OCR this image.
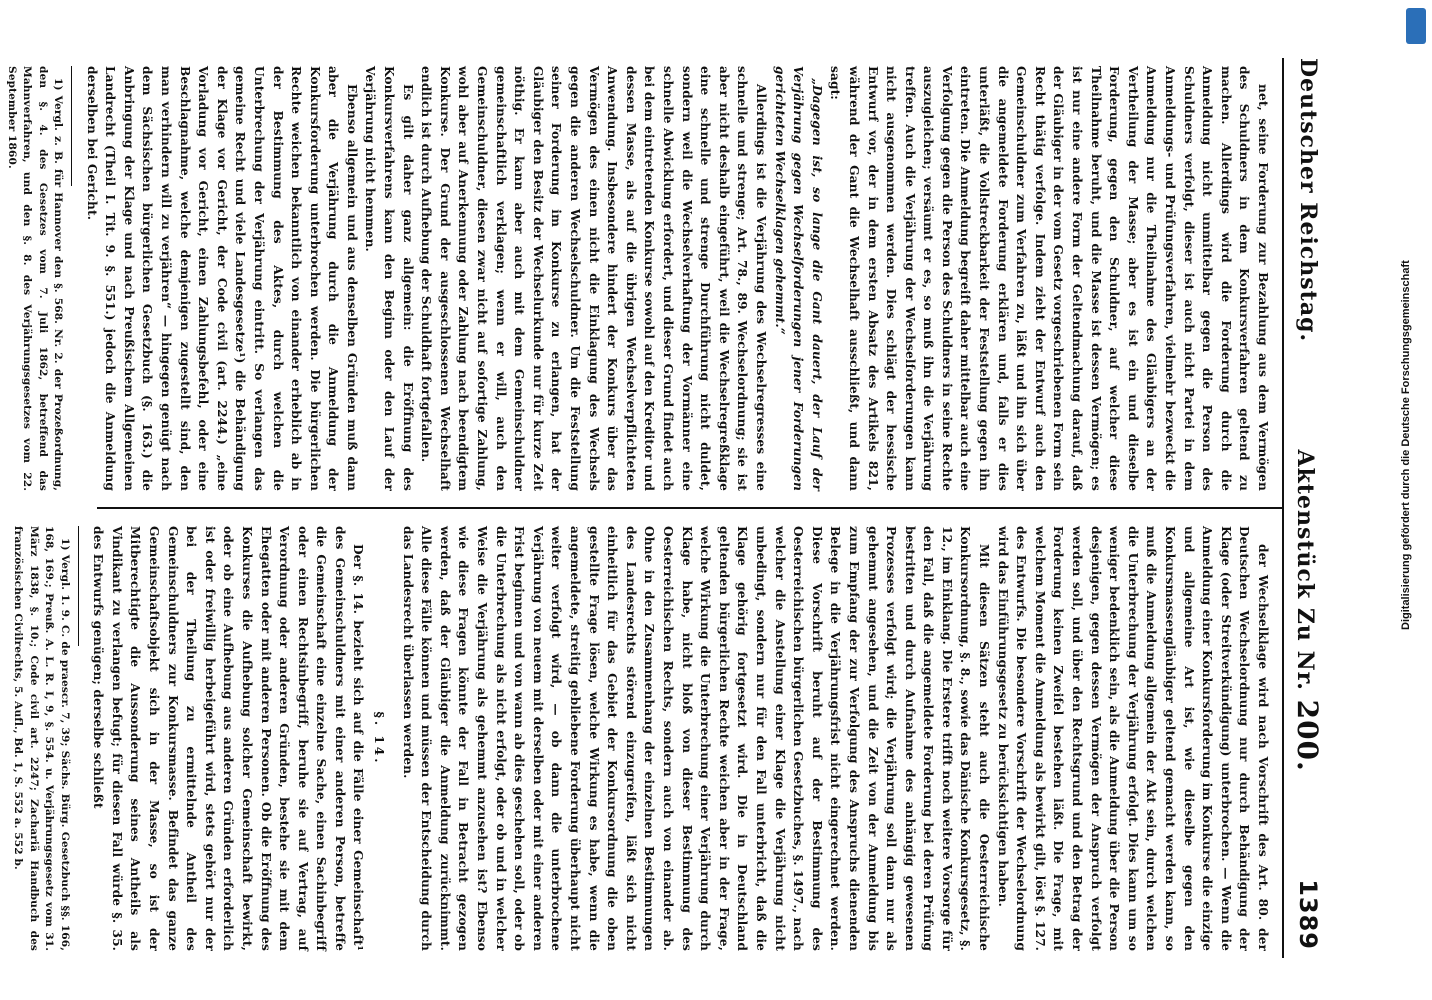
Deutscher Reichstag.
Aktenstück Zu Nr. 200.
1389

net, seine Forderung zur Bezahlung aus dem Vermögen des Schuldners in dem Konkursverfahren geltend zu machen. Allerdings wird die Forderung durch die Anmeldung nicht unmittelbar gegen die Person des Schuldners verfolgt, dieser ist auch nicht Partei in dem Anmeldungs- und Prüfungsverfahren, vielmehr bezweckt die Anmeldung nur die Theilnahme des Gläubigers an der Vertheilung der Masse; aber es ist ein und dieselbe Forderung, gegen den Schuldner, auf welcher diese Theilnahme beruht, und die Masse ist dessen Vermögen; es ist nur eine andere Form der Geltendmachung darauf, daß der Gläubiger in der vom Gesetz vorgeschriebenen Form sein Recht thätig verfolge. Indem zieht der Entwurf auch den Gemeinschuldner zum Verfahren zu, läßt und ihn sich über die angemeldete Forderung erklären und, falls er dies unterläßt, die Vollstreckbarkeit der Feststellung gegen ihn eintreten. Die Anmeldung begreift daher mittelbar auch eine Verfolgung gegen die Person des Schuldners in seine Rechte auszugleichen; versäumt er es, so muß ihn die Verjährung treffen. Auch die Verjährung der Wechselforderungen kann nicht ausgenommen werden. Dies schlägt der hessische Entwurf vor, der in dem ersten Absatz des Artikels 821, während der Gant die Wechselhaft ausschließt, und dann sagt:

„Dagegen ist, so lange die Gant dauert, der Lauf der Verjährung gegen Wechselforderungen jener Forderungen gerichteten Wechselklagen gehemmt.“

Allerdings ist die Verjährung des Wechselregresses eine schnelle und strenge; Art. 78., 89. Wechselordnung; sie ist aber nicht deshalb eingeführt, weil die Wechselregreßklage eine schnelle und strenge Durchführung nicht duldet, sondern weil die Wechselverhaftung der Vormänner eine schnelle Abwicklung erfordert, und dieser Grund findet auch bei dem eintretenden Konkurse sowohl auf den Kreditor und dessen Masse, als auf die übrigen Wechselverpflichteten Anwendung. Insbesondere hindert der Konkurs über das Vermögen des einen nicht die Einklagung des Wechsels gegen die anderen Wechselschuldner. Um die Feststellung seiner Forderung im Konkurse zu erlangen, hat der Gläubiger den Besitz der Wechselurkunde nur für kurze Zeit nöthig. Er kann aber auch mit dem Gemeinschuldner gemeinschaftlich verklagen; wenn er will, auch den Gemeinschuldner, diesen zwar nicht auf sofortige Zahlung, wohl aber auf Anerkennung oder Zahlung nach beendigtem Konkurse. Der Grund der ausgeschlossenen Wechselhaft endlich ist durch Aufhebung der Schuldhaft fortgefallen.

Es gilt daher ganz allgemein: die Eröffnung des Konkursverfahrens kann den Beginn oder den Lauf der Verjährung nicht hemmen.

Ebenso allgemein und aus denselben Gründen muß dann aber die Verjährung durch die Anmeldung der Konkursforderung unterbrochen werden. Die bürgerlichen Rechte weichen bekanntlich von einander erheblich ab in der Bestimmung des Aktes, durch welchen die Unterbrechung der Verjährung eintritt. So verlangen das gemeine Recht und viele Landesgesetze¹) die Behändigung der Klage vor Gericht, der Code civil (art. 2244.) „eine Vorladung vor Gericht, einen Zahlungsbefehl, oder eine Beschlagnahme, welche demjenigen zugestellt sind, den man verhindern will zu verjähren“ — hingegen genügt nach dem Sächsischen bürgerlichen Gesetzbuch (§. 163.) die Anbringung der Klage und nach Preußischem Allgemeinen Landrecht (Theil I. Tit. 9. §. 551.) jedoch die Anmeldung derselben bei Gericht.

1) Vergl. z. B. für Hannover den §. 568. Nr. 2. der Prozeßordnung, den §. 4. des Gesetzes vom 7. Juli 1862, betreffend das Mahnverfahren, und den §. 8. des Verjährungsgesetzes vom 22. September 1860.

der Wechselklage wird nach Vorschrift des Art. 80. der Deutschen Wechselordnung nur durch Behändigung der Klage (oder Streitverkündigung) unterbrochen. — Wenn die Anmeldung einer Konkursforderung im Konkurse die einzige und allgemeine Art ist, wie dieselbe gegen den Konkursmassengläubiger geltend gemacht werden kann, so muß die Anmeldung allgemein der Akt sein, durch welchen die Unterbrechung der Verjährung erfolgt. Dies kann um so weniger bedenklich sein, als die Anmeldung über die Person desjenigen, gegen dessen Vermögen der Anspruch verfolgt werden soll, und über den Rechtsgrund und den Betrag der Forderung keinen Zweifel bestehen läßt. Die Frage, mit welchem Moment die Anmeldung als bewirkt gilt, löst §. 127. des Entwurfs. Die besondere Vorschrift der Wechselordnung wird das Einführungsgesetz zu berücksichtigen haben.

Mit diesen Sätzen steht auch die Oesterreichische Konkursordnung, §. 8., sowie das Dänische Konkursgesetz, §. 12., im Einklang. Die Erstere trifft noch weitere Vorsorge für den Fall, daß die angemeldete Forderung bei deren Prüfung bestritten und durch Aufnahme des anhängig gewesenen Prozesses verfolgt wird; die Verjährung soll dann nur als gehemmt angesehen, und die Zeit von der Anmeldung bis zum Empfang der zur Verfolgung des Anspruchs dienenden Belege in die Verjährungsfrist nicht eingerechnet werden. Diese Vorschrift beruht auf der Bestimmung des Oesterreichischen bürgerlichen Gesetzbuches, §. 1497., nach welcher die Anstellung einer Klage die Verjährung nicht unbedingt, sondern nur für den Fall unterbricht, daß die Klage gehörig fortgesetzt wird. Die in Deutschland geltenden bürgerlichen Rechte weichen aber in der Frage, welche Wirkung die Unterbrechung einer Verjährung durch Klage habe, nicht bloß von dieser Bestimmung des Oesterreichischen Rechts, sondern auch von einander ab. Ohne in den Zusammenhang der einzelnen Bestimmungen des Landesrechts störend einzugreifen, läßt sich nicht einheitlich für das Gebiet der Konkursordnung die oben gestellte Frage lösen, welche Wirkung es habe, wenn die angemeldete, streitig gebliebene Forderung überhaupt nicht weiter verfolgt wird, — ob dann die unterbrochene Verjährung von neuem mit derselben oder mit einer anderen Frist beginnen und von wann ab dies geschehen soll, oder ob die Unterbrechung als nicht erfolgt, oder ob und in welcher Weise die Verjährung als gehemmt anzusehen ist? Ebenso wie diese Fragen könnte der Fall in Betracht gezogen werden, daß der Gläubiger die Anmeldung zurücknimmt. Alle diese Fälle können und müssen der Entscheidung durch das Landesrecht überlassen werden.

§. 14.

Der §. 14. bezieht sich auf die Fälle einer Gemeinschaft¹ des Gemeinschuldners mit einer anderen Person, betreffe die Gemeinschaft eine einzelne Sache, einen Sachinbegriff oder einen Rechtsinbegriff, beruhe sie auf Vertrag, auf Verordnung oder anderen Gründen, bestehe sie mit dem Ehegatten oder mit anderen Personen. Ob die Eröffnung des Konkurses die Aufhebung solcher Gemeinschaft bewirkt, oder ob eine Aufhebung aus anderen Gründen erforderlich ist oder freiwillig herbeigeführt wird, stets gehört nur der bei der Theilung zu ermittelnde Antheil des Gemeinschuldners zur Konkursmasse. Befindet das ganze Gemeinschaftsobjekt sich in der Masse, so ist der Mitberechtigte die Aussonderung seines Antheils als Vindikant zu verlangen befugt; für diesen Fall würde §. 35. des Entwurfs genügen; derselbe schließt

1) Vergl. 1. 9. C. de praescr. 7, 39; Sächs. Bürg. Gesetzbuch §§. 166, 168, 169.; Preuß. A. L. R. I, 9, §. 554. u. Verjährungsgesetz vom 31. März 1838, §. 10.; Code civil art. 2247; Zachariä Handbuch des französischen Civilrechts, 5. Aufl., Bd. 1, S. 552 a. 552 b.

Digitalisierung gefördert durch die Deutsche Forschungsgemeinschaft
